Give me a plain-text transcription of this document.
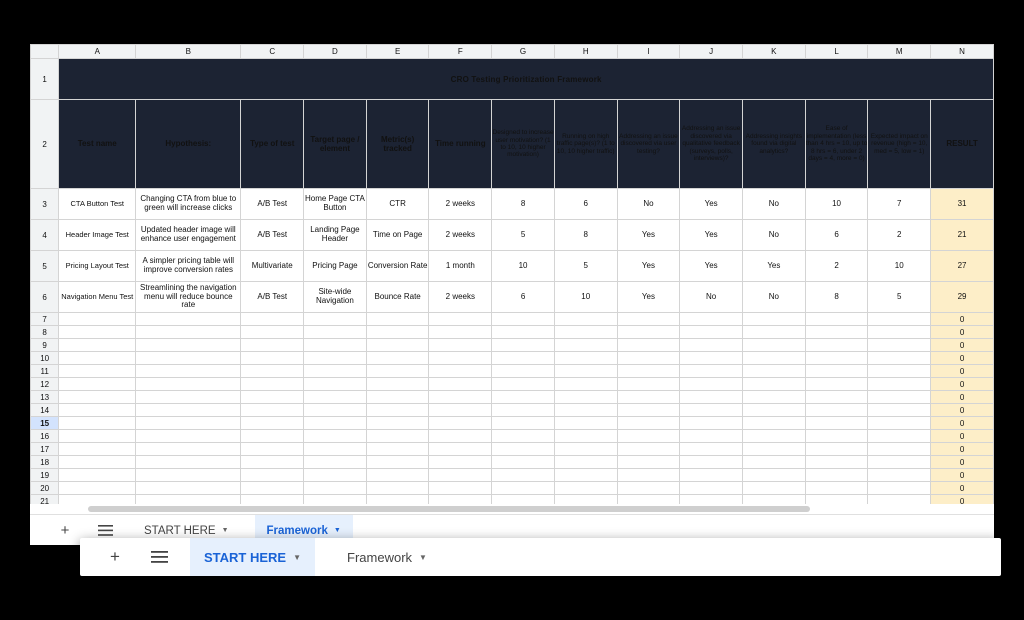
	A	B	C	D	E	F	G	H	I	J	K	L	M	N
1	CRO Testing Prioritization Framework													
2	Test name	Hypothesis:	Type of test	Target page / element	Metric(s) tracked	Time running	Designed to increase user motivation? (1 to 10, 10 higher motivation)	Running on high traffic page(s)? (1 to 10, 10 higher traffic)	Addressing an issue discovered via user testing?	Addressing an issue discovered via qualitative feedback (surveys, polls, interviews)?	Addressing insights found via digital analytics?	Ease of implementation (less than 4 hrs = 10, up to 8 hrs = 6, under 2 days = 4, more = 0)	Expected impact on revenue (high = 10, med = 5, low = 1)	RESULT
3	CTA Button Test	Changing CTA from blue to green will increase clicks	A/B Test	Home Page CTA Button	CTR	2 weeks	8	6	No	Yes	No	10	7	31
4	Header Image Test	Updated header image will enhance user engagement	A/B Test	Landing Page Header	Time on Page	2 weeks	5	8	Yes	Yes	No	6	2	21
5	Pricing Layout Test	A simpler pricing table will improve conversion rates	Multivariate	Pricing Page	Conversion Rate	1 month	10	5	Yes	Yes	Yes	2	10	27
6	Navigation Menu Test	Streamlining the navigation menu will reduce bounce rate	A/B Test	Site-wide Navigation	Bounce Rate	2 weeks	6	10	Yes	No	No	8	5	29
7														0
8														0
9														0
10														0
11														0
12														0
13														0
14														0
15														0
16														0
17														0
18														0
19														0
20														0
21														0
+	START HERE ▼	Framework ▼
+	START HERE ▼	Framework ▼
